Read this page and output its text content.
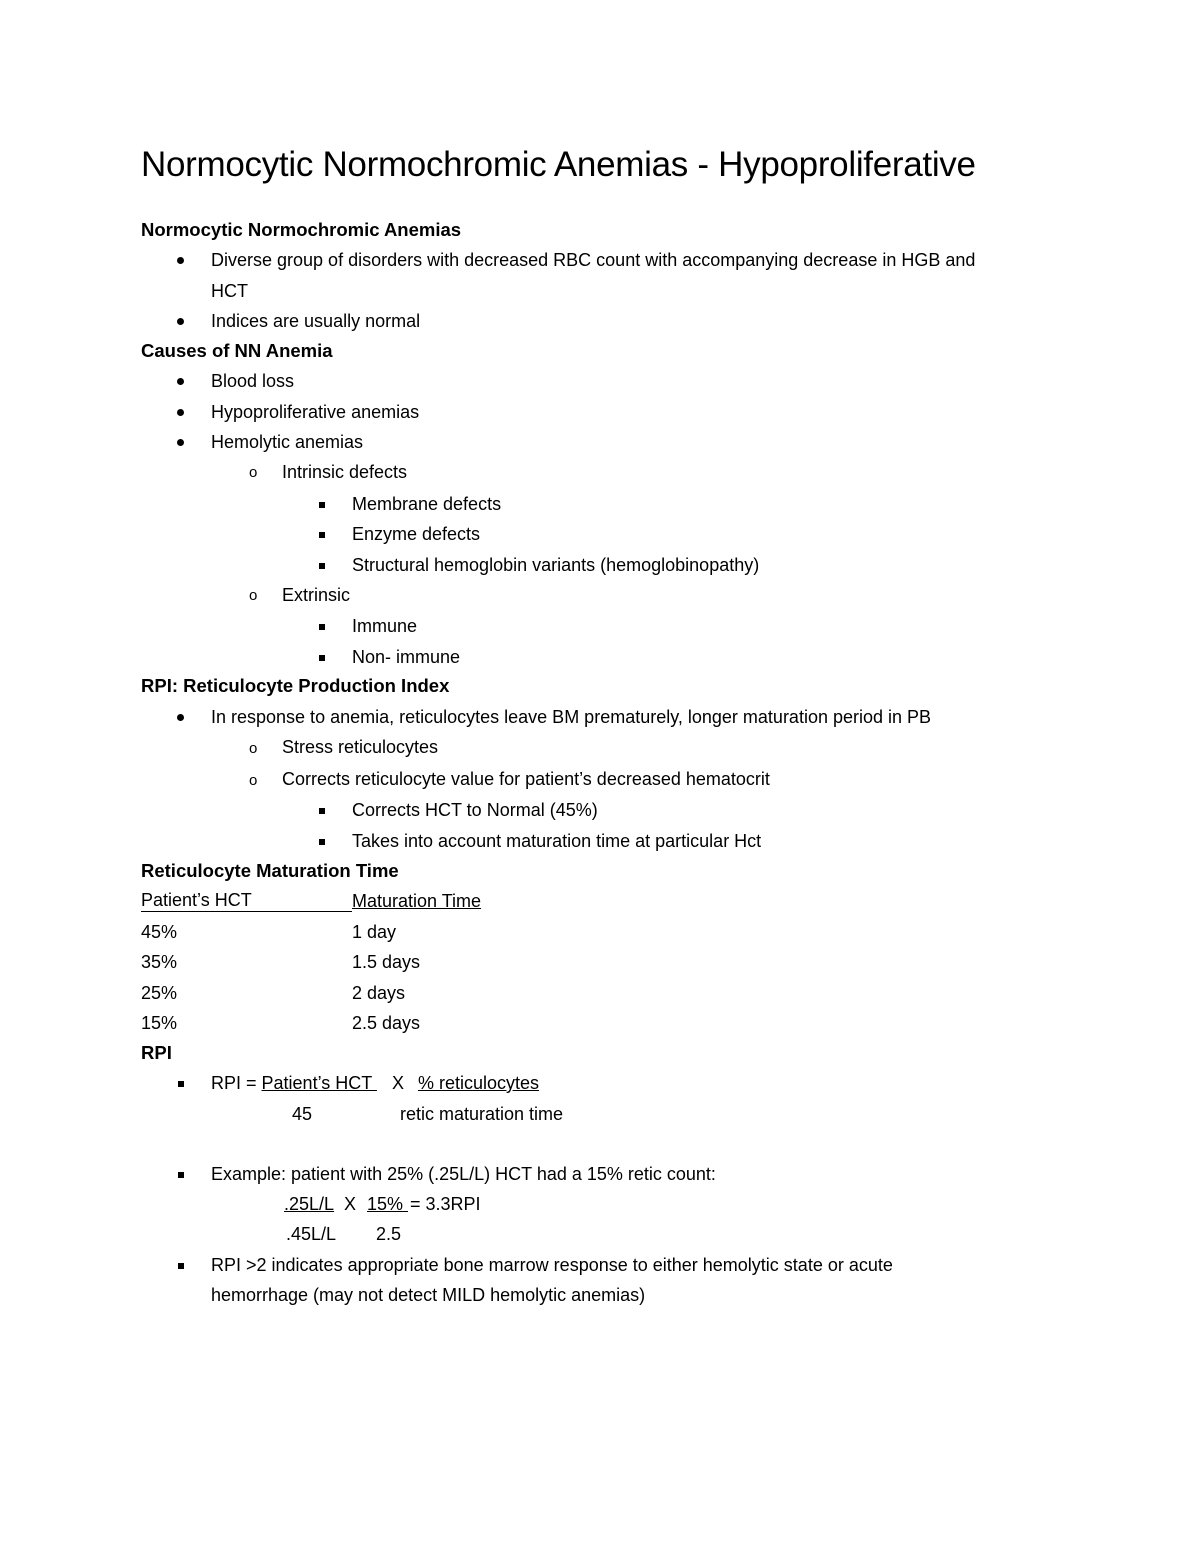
Normocytic Normochromic Anemias - Hypoproliferative
Normocytic Normochromic Anemias
Diverse group of disorders with decreased RBC count with accompanying decrease in HGB and
HCT
Indices are usually normal
Causes of NN Anemia
Blood loss
Hypoproliferative anemias
Hemolytic anemias
o Intrinsic defects
Membrane defects
Enzyme defects
Structural hemoglobin variants (hemoglobinopathy)
o Extrinsic
Immune
Non- immune
RPI: Reticulocyte Production Index
In response to anemia, reticulocytes leave BM prematurely, longer maturation period in PB
o Stress reticulocytes
o Corrects reticulocyte value for patient’s decreased hematocrit
Corrects HCT to Normal (45%)
Takes into account maturation time at particular Hct
Reticulocyte Maturation Time
Patient’s HCT	Maturation Time
45%	1 day
35%	1.5 days
25%	2 days
15%	2.5 days
RPI
RPI = Patient’s HCT X % reticulocytes
45	retic maturation time
Example: patient with 25% (.25L/L) HCT had a 15% retic count:
.25L/L X 15% = 3.3RPI
.45L/L 2.5
RPI >2 indicates appropriate bone marrow response to either hemolytic state or acute
hemorrhage (may not detect MILD hemolytic anemias)
